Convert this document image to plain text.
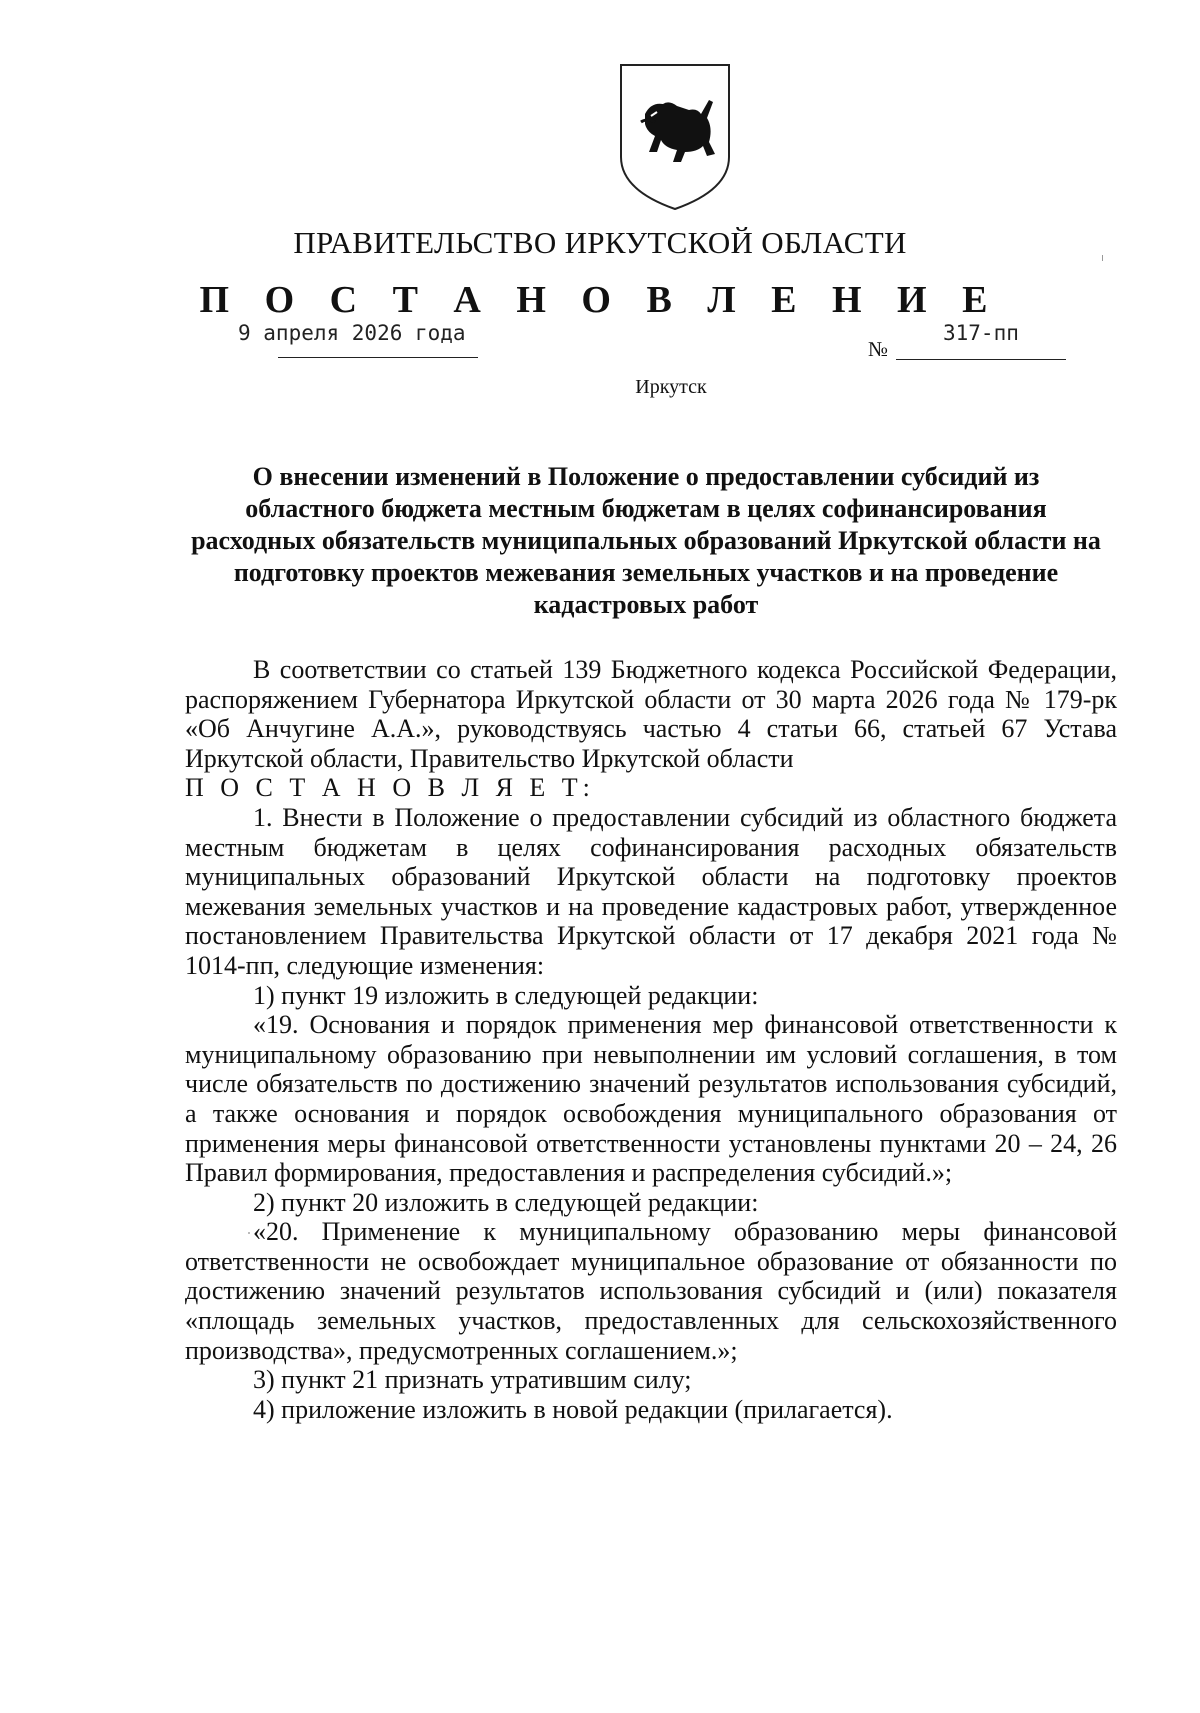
ПРАВИТЕЛЬСТВО ИРКУТСКОЙ ОБЛАСТИ
П О С Т А Н О В Л Е Н И Е
9 апреля 2026 года
№
317-пп
Иркутск
О внесении изменений в Положение о предоставлении субсидий из областного бюджета местным бюджетам в целях софинансирования расходных обязательств муниципальных образований Иркутской области на подготовку проектов межевания земельных участков и на проведение кадастровых работ

В соответствии со статьей 139 Бюджетного кодекса Российской Федерации, распоряжением Губернатора Иркутской области от 30 марта 2026 года № 179-рк «Об Анчугине А.А.», руководствуясь частью 4 статьи 66, статьей 67 Устава Иркутской области, Правительство Иркутской области

П О С Т А Н О В Л Я Е Т:

1. Внести в Положение о предоставлении субсидий из областного бюджета местным бюджетам в целях софинансирования расходных обязательств муниципальных образований Иркутской области на подготовку проектов межевания земельных участков и на проведение кадастровых работ, утвержденное постановлением Правительства Иркутской области от 17 декабря 2021 года № 1014-пп, следующие изменения:

1) пункт 19 изложить в следующей редакции:

«19. Основания и порядок применения мер финансовой ответственности к муниципальному образованию при невыполнении им условий соглашения, в том числе обязательств по достижению значений результатов использования субсидий, а также основания и порядок освобождения муниципального образования от применения меры финансовой ответственности установлены пунктами 20 – 24, 26 Правил формирования, предоставления и распределения субсидий.»;

2) пункт 20 изложить в следующей редакции:

«20. Применение к муниципальному образованию меры финансовой ответственности не освобождает муниципальное образование от обязанности по достижению значений результатов использования субсидий и (или) показателя «площадь земельных участков, предоставленных для сельскохозяйственного производства», предусмотренных соглашением.»;

3) пункт 21 признать утратившим силу;

4) приложение изложить в новой редакции (прилагается).
